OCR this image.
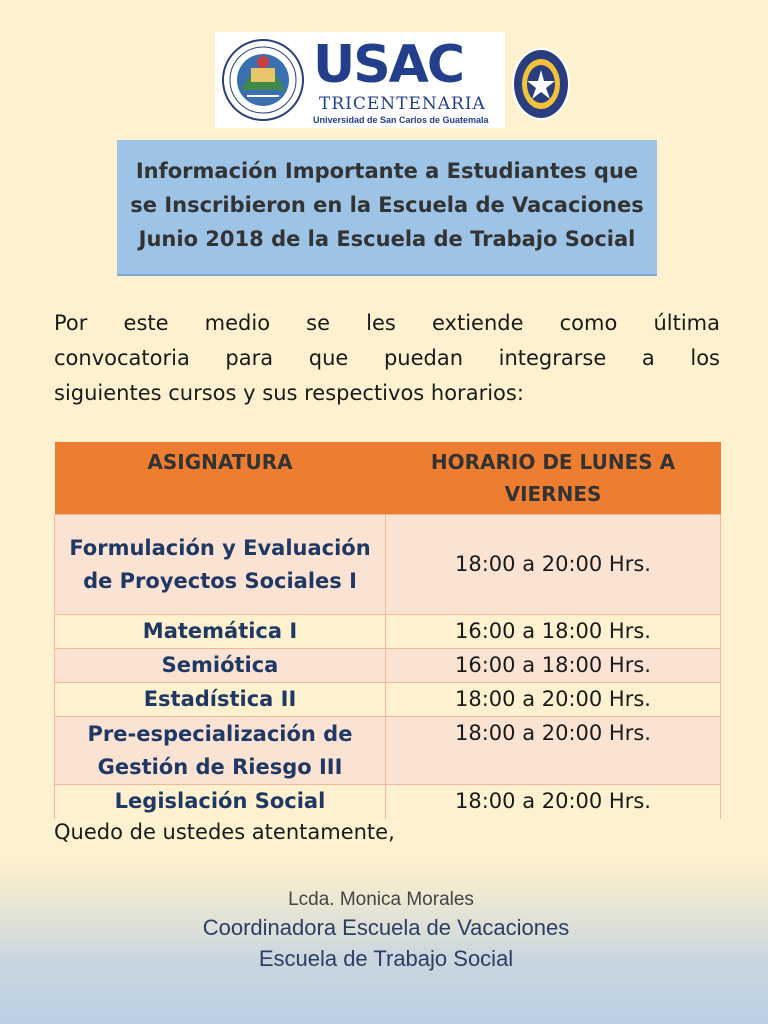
USAC
TRICENTENARIA
Universidad de San Carlos de Guatemala
Información Importante a Estudiantes que
se Inscribieron en la Escuela de Vacaciones
Junio 2018 de la Escuela de Trabajo Social
Por este medio se les extiende como última
convocatoria para que puedan integrarse a los
siguientes cursos y sus respectivos horarios:
ASIGNATURA	HORARIO DE LUNES A VIERNES
Formulación y Evaluación de Proyectos Sociales I	18:00 a 20:00 Hrs.
Matemática I	16:00 a 18:00 Hrs.
Semiótica	16:00 a 18:00 Hrs.
Estadística II	18:00 a 20:00 Hrs.
Pre-especialización de Gestión de Riesgo III	18:00 a 20:00 Hrs.
Legislación Social	18:00 a 20:00 Hrs.
Quedo de ustedes atentamente,
Lcda. Monica Morales
Coordinadora Escuela de Vacaciones
Escuela de Trabajo Social
